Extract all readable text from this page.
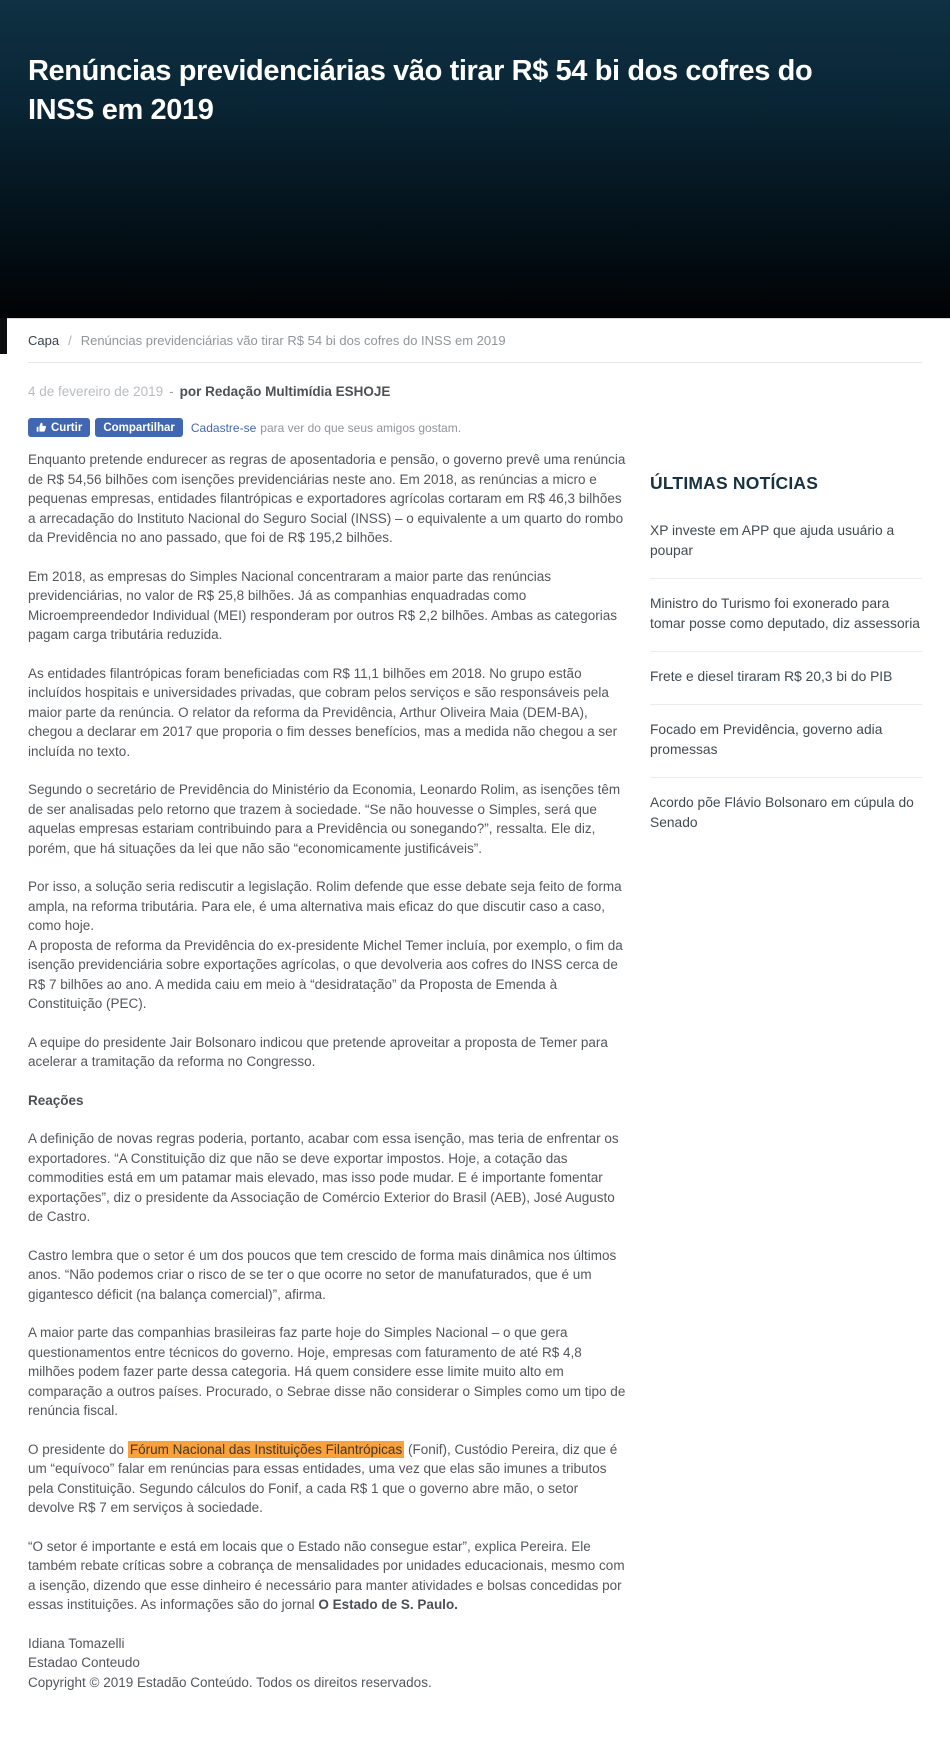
Renúncias previdenciárias vão tirar R$ 54 bi dos cofres do INSS em 2019
Capa / Renúncias previdenciárias vão tirar R$ 54 bi dos cofres do INSS em 2019
4 de fevereiro de 2019 - por Redação Multimídia ESHOJE
Curtir Compartilhar Cadastre-se para ver do que seus amigos gostam.

Enquanto pretende endurecer as regras de aposentadoria e pensão, o governo prevê uma renúncia de R$ 54,56 bilhões com isenções previdenciárias neste ano. Em 2018, as renúncias a micro e pequenas empresas, entidades filantrópicas e exportadores agrícolas cortaram em R$ 46,3 bilhões a arrecadação do Instituto Nacional do Seguro Social (INSS) – o equivalente a um quarto do rombo da Previdência no ano passado, que foi de R$ 195,2 bilhões.

Em 2018, as empresas do Simples Nacional concentraram a maior parte das renúncias previdenciárias, no valor de R$ 25,8 bilhões. Já as companhias enquadradas como Microempreendedor Individual (MEI) responderam por outros R$ 2,2 bilhões. Ambas as categorias pagam carga tributária reduzida.

As entidades filantrópicas foram beneficiadas com R$ 11,1 bilhões em 2018. No grupo estão incluídos hospitais e universidades privadas, que cobram pelos serviços e são responsáveis pela maior parte da renúncia. O relator da reforma da Previdência, Arthur Oliveira Maia (DEM-BA), chegou a declarar em 2017 que proporia o fim desses benefícios, mas a medida não chegou a ser incluída no texto.

Segundo o secretário de Previdência do Ministério da Economia, Leonardo Rolim, as isenções têm de ser analisadas pelo retorno que trazem à sociedade. “Se não houvesse o Simples, será que aquelas empresas estariam contribuindo para a Previdência ou sonegando?”, ressalta. Ele diz, porém, que há situações da lei que não são “economicamente justificáveis”.

Por isso, a solução seria rediscutir a legislação. Rolim defende que esse debate seja feito de forma ampla, na reforma tributária. Para ele, é uma alternativa mais eficaz do que discutir caso a caso, como hoje.
A proposta de reforma da Previdência do ex-presidente Michel Temer incluía, por exemplo, o fim da isenção previdenciária sobre exportações agrícolas, o que devolveria aos cofres do INSS cerca de R$ 7 bilhões ao ano. A medida caiu em meio à “desidratação” da Proposta de Emenda à Constituição (PEC).

A equipe do presidente Jair Bolsonaro indicou que pretende aproveitar a proposta de Temer para acelerar a tramitação da reforma no Congresso.

Reações

A definição de novas regras poderia, portanto, acabar com essa isenção, mas teria de enfrentar os exportadores. “A Constituição diz que não se deve exportar impostos. Hoje, a cotação das commodities está em um patamar mais elevado, mas isso pode mudar. E é importante fomentar exportações”, diz o presidente da Associação de Comércio Exterior do Brasil (AEB), José Augusto de Castro.

Castro lembra que o setor é um dos poucos que tem crescido de forma mais dinâmica nos últimos anos. “Não podemos criar o risco de se ter o que ocorre no setor de manufaturados, que é um gigantesco déficit (na balança comercial)”, afirma.

A maior parte das companhias brasileiras faz parte hoje do Simples Nacional – o que gera questionamentos entre técnicos do governo. Hoje, empresas com faturamento de até R$ 4,8 milhões podem fazer parte dessa categoria. Há quem considere esse limite muito alto em comparação a outros países. Procurado, o Sebrae disse não considerar o Simples como um tipo de renúncia fiscal.

O presidente do Fórum Nacional das Instituições Filantrópicas (Fonif), Custódio Pereira, diz que é um “equívoco” falar em renúncias para essas entidades, uma vez que elas são imunes a tributos pela Constituição. Segundo cálculos do Fonif, a cada R$ 1 que o governo abre mão, o setor devolve R$ 7 em serviços à sociedade.

“O setor é importante e está em locais que o Estado não consegue estar”, explica Pereira. Ele também rebate críticas sobre a cobrança de mensalidades por unidades educacionais, mesmo com a isenção, dizendo que esse dinheiro é necessário para manter atividades e bolsas concedidas por essas instituições. As informações são do jornal O Estado de S. Paulo.

Idiana Tomazelli
Estadao Conteudo
Copyright © 2019 Estadão Conteúdo. Todos os direitos reservados.

ÚLTIMAS NOTÍCIAS
XP investe em APP que ajuda usuário a poupar
Ministro do Turismo foi exonerado para tomar posse como deputado, diz assessoria
Frete e diesel tiraram R$ 20,3 bi do PIB
Focado em Previdência, governo adia promessas
Acordo põe Flávio Bolsonaro em cúpula do Senado
